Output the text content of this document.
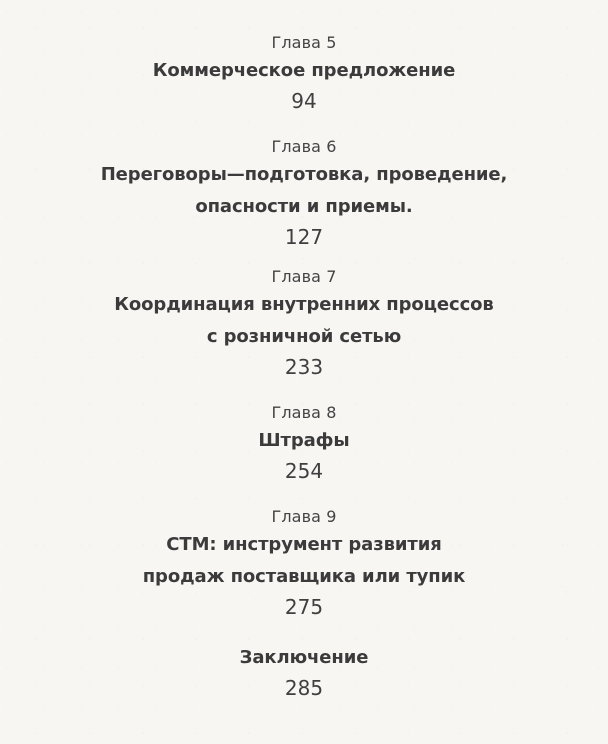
Глава 5
Коммерческое предложение
94
Глава 6
Переговоры—подготовка, проведение,
опасности и приемы.
127
Глава 7
Координация внутренних процессов
с розничной сетью
233
Глава 8
Штрафы
254
Глава 9
СТМ: инструмент развития
продаж поставщика или тупик
275
Заключение
285
